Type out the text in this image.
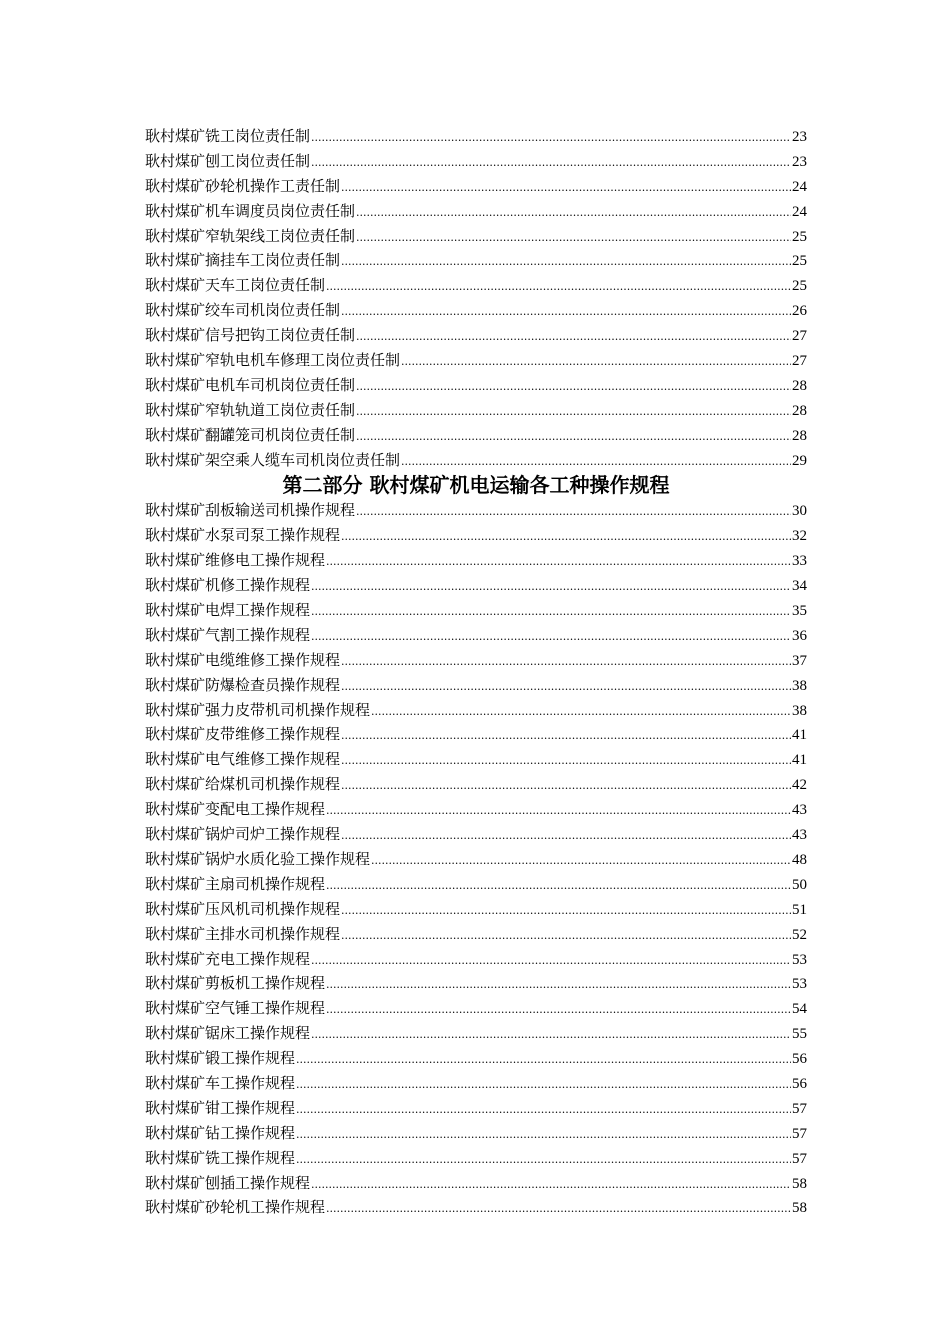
耿村煤矿铣工岗位责任制 .....	23
耿村煤矿刨工岗位责任制 .....	23
耿村煤矿砂轮机操作工责任制 .....	24
耿村煤矿机车调度员岗位责任制 .....	24
耿村煤矿窄轨架线工岗位责任制 .....	25
耿村煤矿摘挂车工岗位责任制 .....	25
耿村煤矿天车工岗位责任制 .....	25
耿村煤矿绞车司机岗位责任制 .....	26
耿村煤矿信号把钩工岗位责任制 .....	27
耿村煤矿窄轨电机车修理工岗位责任制 .....	27
耿村煤矿电机车司机岗位责任制 .....	28
耿村煤矿窄轨轨道工岗位责任制 .....	28
耿村煤矿翻罐笼司机岗位责任制 .....	28
耿村煤矿架空乘人缆车司机岗位责任制 .....	29
第二部分 耿村煤矿机电运输各工种操作规程
耿村煤矿刮板输送司机操作规程 .....	30
耿村煤矿水泵司泵工操作规程 .....	32
耿村煤矿维修电工操作规程 .....	33
耿村煤矿机修工操作规程 .....	34
耿村煤矿电焊工操作规程 .....	35
耿村煤矿气割工操作规程 .....	36
耿村煤矿电缆维修工操作规程 .....	37
耿村煤矿防爆检查员操作规程 .....	38
耿村煤矿强力皮带机司机操作规程 .....	38
耿村煤矿皮带维修工操作规程 .....	41
耿村煤矿电气维修工操作规程 .....	41
耿村煤矿给煤机司机操作规程 .....	42
耿村煤矿变配电工操作规程 .....	43
耿村煤矿锅炉司炉工操作规程 .....	43
耿村煤矿锅炉水质化验工操作规程 .....	48
耿村煤矿主扇司机操作规程 .....	50
耿村煤矿压风机司机操作规程 .....	51
耿村煤矿主排水司机操作规程 .....	52
耿村煤矿充电工操作规程 .....	53
耿村煤矿剪板机工操作规程 .....	53
耿村煤矿空气锤工操作规程 .....	54
耿村煤矿锯床工操作规程 .....	55
耿村煤矿锻工操作规程 .....	56
耿村煤矿车工操作规程 .....	56
耿村煤矿钳工操作规程 .....	57
耿村煤矿钻工操作规程 .....	57
耿村煤矿铣工操作规程 .....	57
耿村煤矿刨插工操作规程 .....	58
耿村煤矿砂轮机工操作规程 .....	58
